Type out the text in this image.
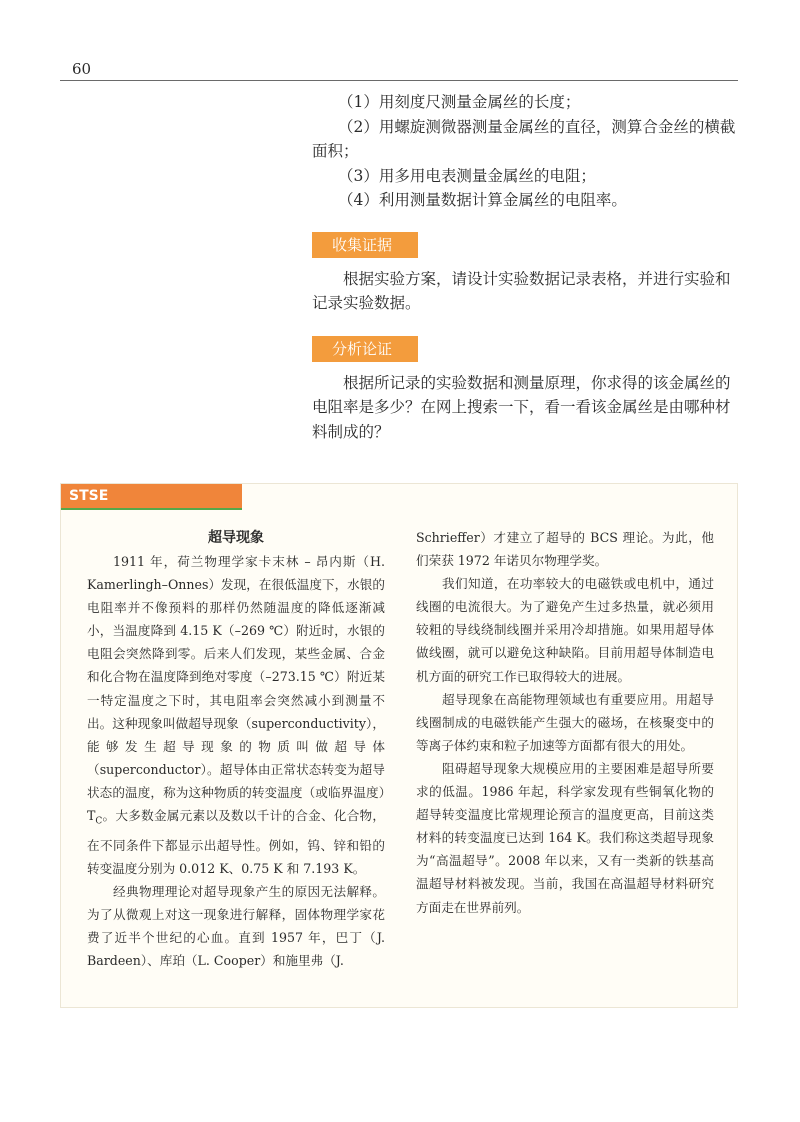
60

（1）用刻度尺测量金属丝的长度；

（2）用螺旋测微器测量金属丝的直径，测算合金丝的横截面积；

（3）用多用电表测量金属丝的电阻；

（4）利用测量数据计算金属丝的电阻率。

收集证据

根据实验方案，请设计实验数据记录表格，并进行实验和记录实验数据。

分析论证

根据所记录的实验数据和测量原理，你求得的该金属丝的电阻率是多少？在网上搜索一下，看一看该金属丝是由哪种材料制成的？

STSE

超导现象

1911 年，荷兰物理学家卡末林 – 昂内斯（H. Kamerlingh–Onnes）发现，在很低温度下，水银的电阻率并不像预料的那样仍然随温度的降低逐渐减小，当温度降到 4.15 K（–269 ℃）附近时，水银的电阻会突然降到零。后来人们发现，某些金属、合金和化合物在温度降到绝对零度（–273.15 ℃）附近某一特定温度之下时，其电阻率会突然减小到测量不出。这种现象叫做超导现象（superconductivity），能够发生超导现象的物质叫做超导体（superconductor）。超导体由正常状态转变为超导状态的温度，称为这种物质的转变温度（或临界温度）$T_C$。大多数金属元素以及数以千计的合金、化合物，在不同条件下都显示出超导性。例如，钨、锌和铅的转变温度分别为 0.012 K、0.75 K 和 7.193 K。

经典物理理论对超导现象产生的原因无法解释。为了从微观上对这一现象进行解释，固体物理学家花费了近半个世纪的心血。直到 1957 年，巴丁（J. Bardeen）、库珀（L. Cooper）和施里弗（J.

Schrieffer）才建立了超导的 BCS 理论。为此，他们荣获 1972 年诺贝尔物理学奖。

我们知道，在功率较大的电磁铁或电机中，通过线圈的电流很大。为了避免产生过多热量，就必须用较粗的导线绕制线圈并采用冷却措施。如果用超导体做线圈，就可以避免这种缺陷。目前用超导体制造电机方面的研究工作已取得较大的进展。

超导现象在高能物理领域也有重要应用。用超导线圈制成的电磁铁能产生强大的磁场，在核聚变中的等离子体约束和粒子加速等方面都有很大的用处。

阻碍超导现象大规模应用的主要困难是超导所要求的低温。1986 年起，科学家发现有些铜氧化物的超导转变温度比常规理论预言的温度更高，目前这类材料的转变温度已达到 164 K。我们称这类超导现象为“高温超导”。2008 年以来，又有一类新的铁基高温超导材料被发现。当前，我国在高温超导材料研究方面走在世界前列。
